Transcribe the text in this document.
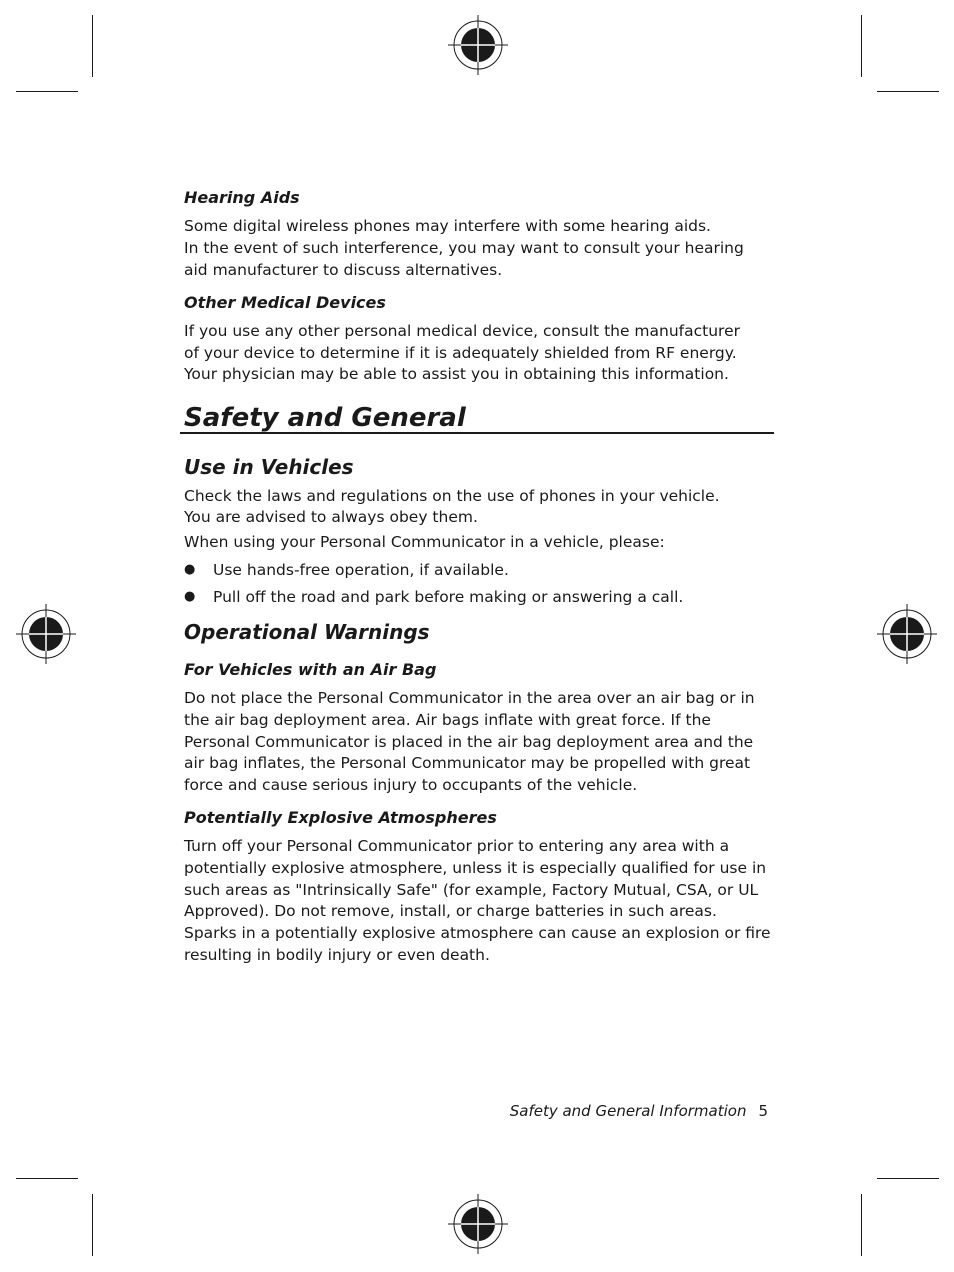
Hearing Aids
Some digital wireless phones may interfere with some hearing aids.
In the event of such interference, you may want to consult your hearing aid manufacturer to discuss alternatives.
Other Medical Devices
If you use any other personal medical device, consult the manufacturer of your device to determine if it is adequately shielded from RF energy.
Your physician may be able to assist you in obtaining this information.
Safety and General
Use in Vehicles
Check the laws and regulations on the use of phones in your vehicle.
You are advised to always obey them.
When using your Personal Communicator in a vehicle, please:
● Use hands-free operation, if available.
● Pull off the road and park before making or answering a call.
Operational Warnings
For Vehicles with an Air Bag
Do not place the Personal Communicator in the area over an air bag or in the air bag deployment area. Air bags inflate with great force. If the Personal Communicator is placed in the air bag deployment area and the air bag inflates, the Personal Communicator may be propelled with great force and cause serious injury to occupants of the vehicle.
Potentially Explosive Atmospheres
Turn off your Personal Communicator prior to entering any area with a potentially explosive atmosphere, unless it is especially qualified for use in such areas as "Intrinsically Safe" (for example, Factory Mutual, CSA, or UL Approved). Do not remove, install, or charge batteries in such areas. Sparks in a potentially explosive atmosphere can cause an explosion or fire resulting in bodily injury or even death.
Safety and General Information 5
